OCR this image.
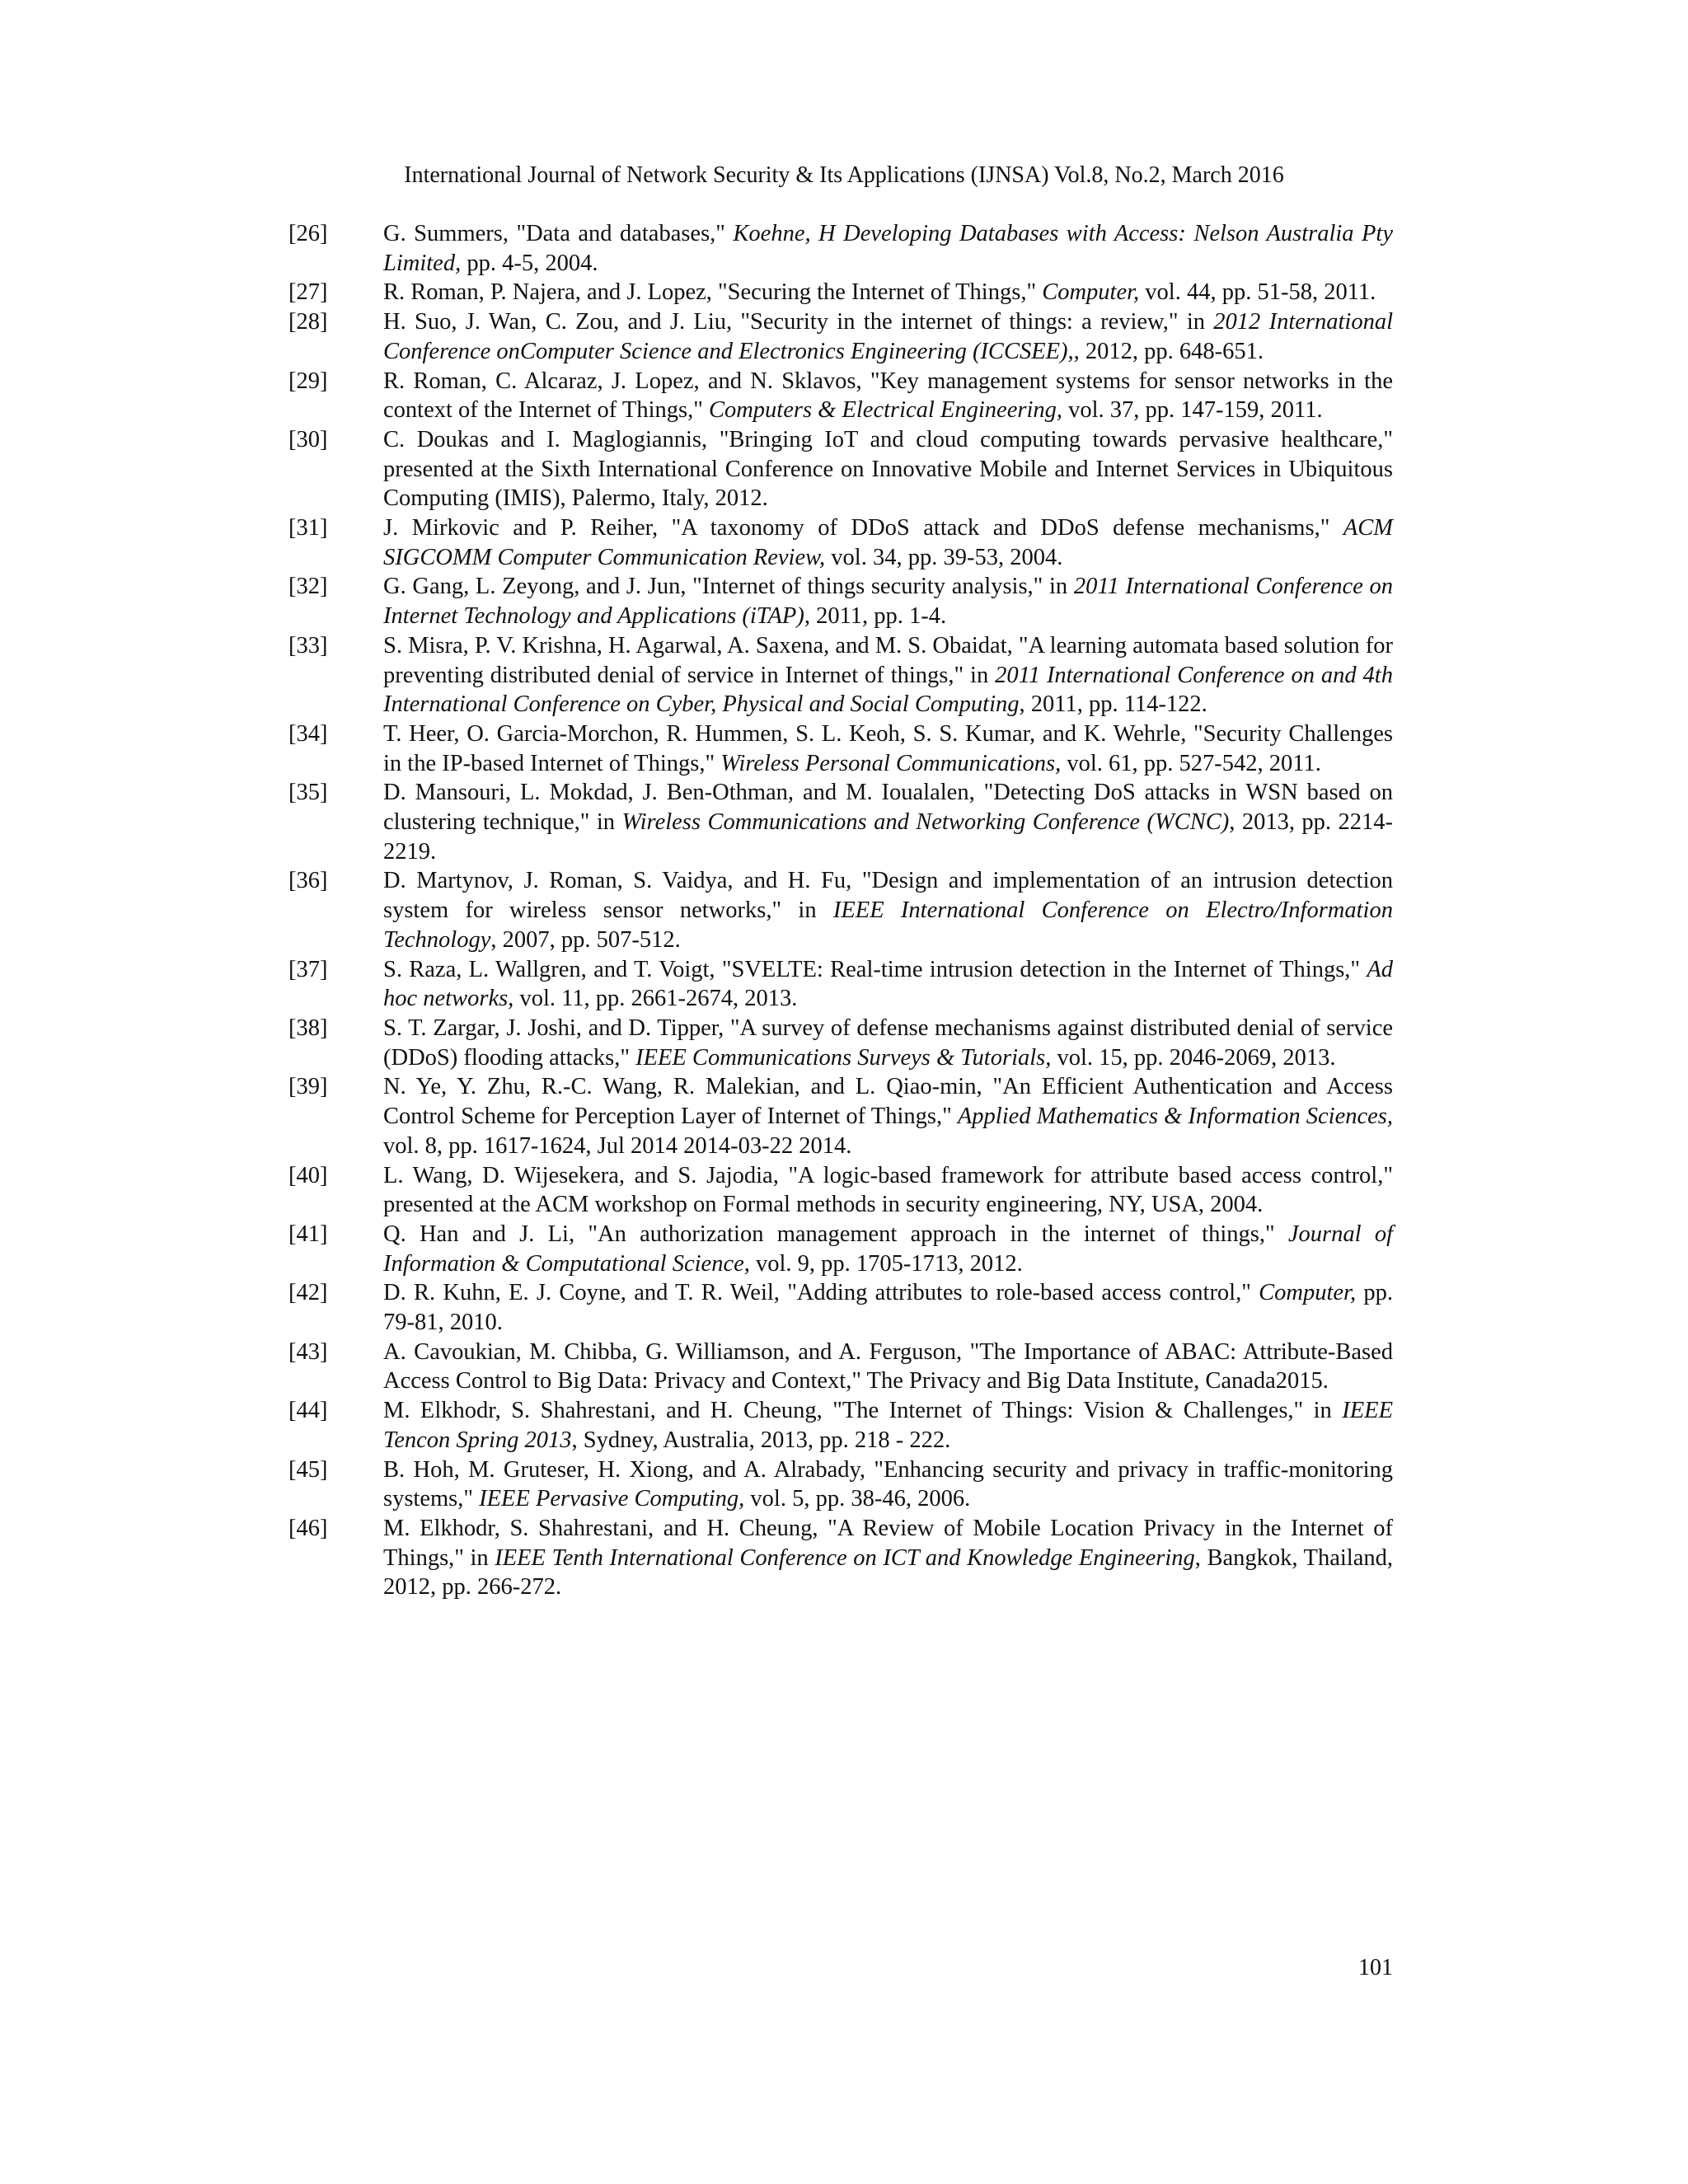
International Journal of Network Security & Its Applications (IJNSA) Vol.8, No.2, March 2016
[26] G. Summers, "Data and databases," Koehne, H Developing Databases with Access: Nelson Australia Pty Limited, pp. 4-5, 2004.
[27] R. Roman, P. Najera, and J. Lopez, "Securing the Internet of Things," Computer, vol. 44, pp. 51-58, 2011.
[28] H. Suo, J. Wan, C. Zou, and J. Liu, "Security in the internet of things: a review," in 2012 International Conference onComputer Science and Electronics Engineering (ICCSEE),, 2012, pp. 648-651.
[29] R. Roman, C. Alcaraz, J. Lopez, and N. Sklavos, "Key management systems for sensor networks in the context of the Internet of Things," Computers & Electrical Engineering, vol. 37, pp. 147-159, 2011.
[30] C. Doukas and I. Maglogiannis, "Bringing IoT and cloud computing towards pervasive healthcare," presented at the Sixth International Conference on Innovative Mobile and Internet Services in Ubiquitous Computing (IMIS), Palermo, Italy, 2012.
[31] J. Mirkovic and P. Reiher, "A taxonomy of DDoS attack and DDoS defense mechanisms," ACM SIGCOMM Computer Communication Review, vol. 34, pp. 39-53, 2004.
[32] G. Gang, L. Zeyong, and J. Jun, "Internet of things security analysis," in 2011 International Conference on Internet Technology and Applications (iTAP), 2011, pp. 1-4.
[33] S. Misra, P. V. Krishna, H. Agarwal, A. Saxena, and M. S. Obaidat, "A learning automata based solution for preventing distributed denial of service in Internet of things," in 2011 International Conference on and 4th International Conference on Cyber, Physical and Social Computing, 2011, pp. 114-122.
[34] T. Heer, O. Garcia-Morchon, R. Hummen, S. L. Keoh, S. S. Kumar, and K. Wehrle, "Security Challenges in the IP-based Internet of Things," Wireless Personal Communications, vol. 61, pp. 527-542, 2011.
[35] D. Mansouri, L. Mokdad, J. Ben-Othman, and M. Ioualalen, "Detecting DoS attacks in WSN based on clustering technique," in Wireless Communications and Networking Conference (WCNC), 2013, pp. 2214-2219.
[36] D. Martynov, J. Roman, S. Vaidya, and H. Fu, "Design and implementation of an intrusion detection system for wireless sensor networks," in IEEE International Conference on Electro/Information Technology, 2007, pp. 507-512.
[37] S. Raza, L. Wallgren, and T. Voigt, "SVELTE: Real-time intrusion detection in the Internet of Things," Ad hoc networks, vol. 11, pp. 2661-2674, 2013.
[38] S. T. Zargar, J. Joshi, and D. Tipper, "A survey of defense mechanisms against distributed denial of service (DDoS) flooding attacks," IEEE Communications Surveys & Tutorials, vol. 15, pp. 2046-2069, 2013.
[39] N. Ye, Y. Zhu, R.-C. Wang, R. Malekian, and L. Qiao-min, "An Efficient Authentication and Access Control Scheme for Perception Layer of Internet of Things," Applied Mathematics & Information Sciences, vol. 8, pp. 1617-1624, Jul 2014 2014-03-22 2014.
[40] L. Wang, D. Wijesekera, and S. Jajodia, "A logic-based framework for attribute based access control," presented at the ACM workshop on Formal methods in security engineering, NY, USA, 2004.
[41] Q. Han and J. Li, "An authorization management approach in the internet of things," Journal of Information & Computational Science, vol. 9, pp. 1705-1713, 2012.
[42] D. R. Kuhn, E. J. Coyne, and T. R. Weil, "Adding attributes to role-based access control," Computer, pp. 79-81, 2010.
[43] A. Cavoukian, M. Chibba, G. Williamson, and A. Ferguson, "The Importance of ABAC: Attribute-Based Access Control to Big Data: Privacy and Context," The Privacy and Big Data Institute, Canada2015.
[44] M. Elkhodr, S. Shahrestani, and H. Cheung, "The Internet of Things: Vision & Challenges," in IEEE Tencon Spring 2013, Sydney, Australia, 2013, pp. 218 - 222.
[45] B. Hoh, M. Gruteser, H. Xiong, and A. Alrabady, "Enhancing security and privacy in traffic-monitoring systems," IEEE Pervasive Computing, vol. 5, pp. 38-46, 2006.
[46] M. Elkhodr, S. Shahrestani, and H. Cheung, "A Review of Mobile Location Privacy in the Internet of Things," in IEEE Tenth International Conference on ICT and Knowledge Engineering, Bangkok, Thailand, 2012, pp. 266-272.
101
